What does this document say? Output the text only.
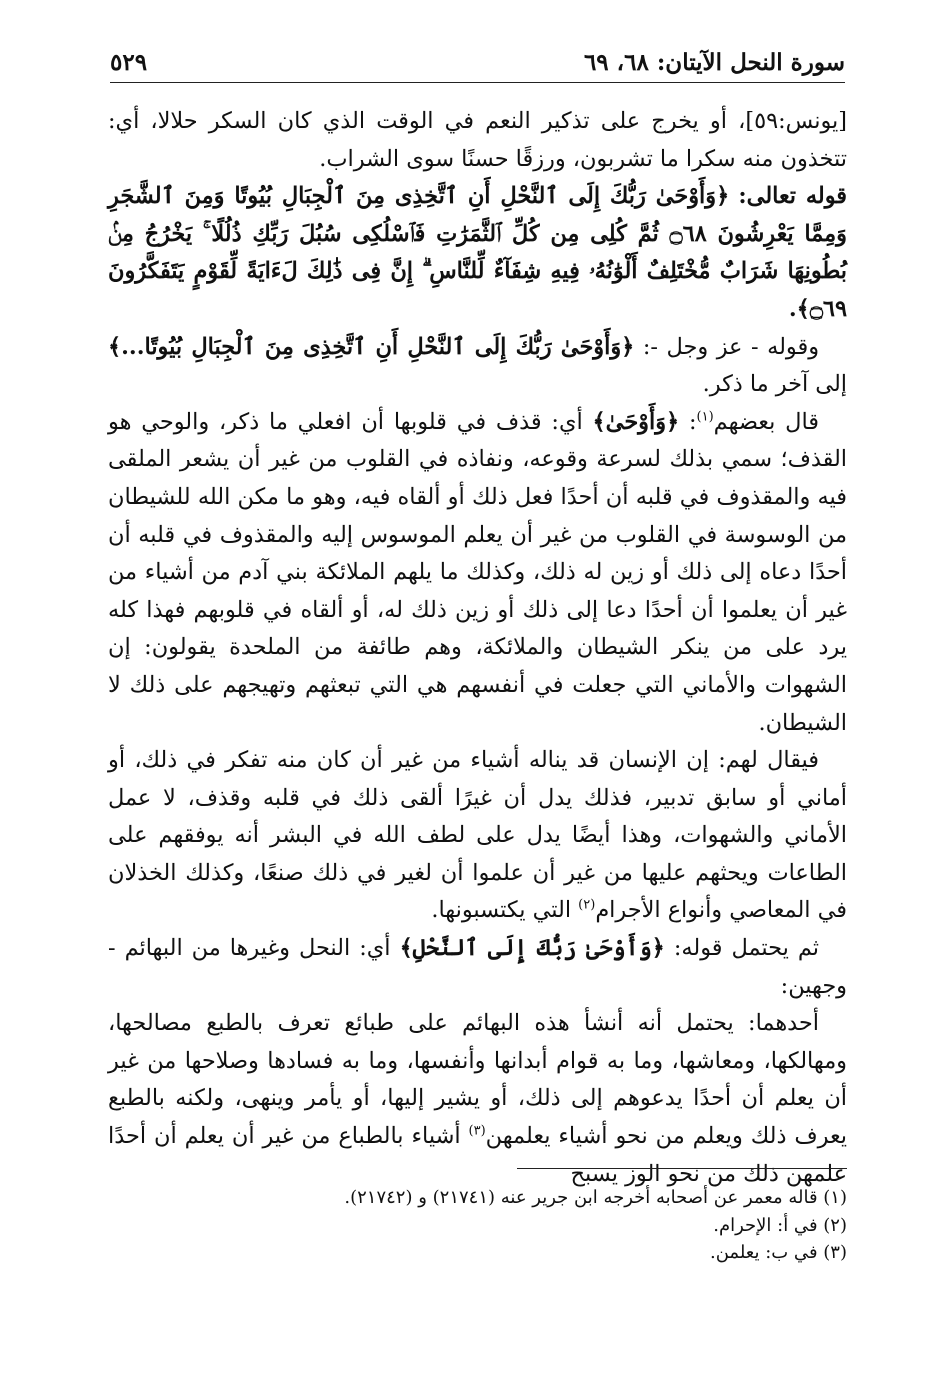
سورة النحل الآيتان: ٦٨، ٦٩
٥٢٩

[يونس:٥٩]، أو يخرج على تذكير النعم في الوقت الذي كان السكر حلالا، أي: تتخذون منه سكرا ما تشربون، ورزقًا حسنًا سوى الشراب.

قوله تعالى: ﴿وَأَوْحَىٰ رَبُّكَ إِلَى ٱلنَّحْلِ أَنِ ٱتَّخِذِى مِنَ ٱلْجِبَالِ بُيُوتًا وَمِنَ ٱلشَّجَرِ وَمِمَّا يَعْرِشُونَ ۝٦٨ ثُمَّ كُلِى مِن كُلِّ ٱلثَّمَرَٰتِ فَٱسْلُكِى سُبُلَ رَبِّكِ ذُلُلًا ۚ يَخْرُجُ مِنۢ بُطُونِهَا شَرَابٌ مُّخْتَلِفٌ أَلْوَٰنُهُۥ فِيهِ شِفَآءٌ لِّلنَّاسِ ۗ إِنَّ فِى ذَٰلِكَ لَءَايَةً لِّقَوْمٍ يَتَفَكَّرُونَ ۝٦٩﴾.

وقوله - عز وجل -: ﴿وَأَوْحَىٰ رَبُّكَ إِلَى ٱلنَّحْلِ أَنِ ٱتَّخِذِى مِنَ ٱلْجِبَالِ بُيُوتًا...﴾ إلى آخر ما ذكر.

قال بعضهم$^{(١)}$: ﴿وَأَوْحَىٰ﴾ أي: قذف في قلوبها أن افعلي ما ذكر، والوحي هو القذف؛ سمي بذلك لسرعة وقوعه، ونفاذه في القلوب من غير أن يشعر الملقى فيه والمقذوف في قلبه أن أحدًا فعل ذلك أو ألقاه فيه، وهو ما مكن الله للشيطان من الوسوسة في القلوب من غير أن يعلم الموسوس إليه والمقذوف في قلبه أن أحدًا دعاه إلى ذلك أو زين له ذلك، وكذلك ما يلهم الملائكة بني آدم من أشياء من غير أن يعلموا أن أحدًا دعا إلى ذلك أو زين ذلك له، أو ألقاه في قلوبهم فهذا كله يرد على من ينكر الشيطان والملائكة، وهم طائفة من الملحدة يقولون: إن الشهوات والأماني التي جعلت في أنفسهم هي التي تبعثهم وتهيجهم على ذلك لا الشيطان.

فيقال لهم: إن الإنسان قد يناله أشياء من غير أن كان منه تفكر في ذلك، أو أماني أو سابق تدبير، فذلك يدل أن غيرًا ألقى ذلك في قلبه وقذف، لا عمل الأماني والشهوات، وهذا أيضًا يدل على لطف الله في البشر أنه يوفقهم على الطاعات ويحثهم عليها من غير أن علموا أن لغير في ذلك صنعًا، وكذلك الخذلان في المعاصي وأنواع الأجرام$^{(٢)}$ التي يكتسبونها.

ثم يحتمل قوله: ﴿وَأَوْحَىٰ رَبُّكَ إِلَى ٱلنَّحْلِ﴾ أي: النحل وغيرها من البهائم - وجهين:

أحدهما: يحتمل أنه أنشأ هذه البهائم على طبائع تعرف بالطبع مصالحها، ومهالكها، ومعاشها، وما به قوام أبدانها وأنفسها، وما به فسادها وصلاحها من غير أن يعلم أن أحدًا يدعوهم إلى ذلك، أو يشير إليها، أو يأمر وينهى، ولكنه بالطبع يعرف ذلك ويعلم من نحو أشياء يعلمهن$^{(٣)}$ أشياء بالطباع من غير أن يعلم أن أحدًا علمهن ذلك من نحو الوز يسبح

(١) قاله معمر عن أصحابه أخرجه ابن جرير عنه (٢١٧٤١) و (٢١٧٤٢).

(٢) في أ: الإحرام.

(٣) في ب: يعلمن.
